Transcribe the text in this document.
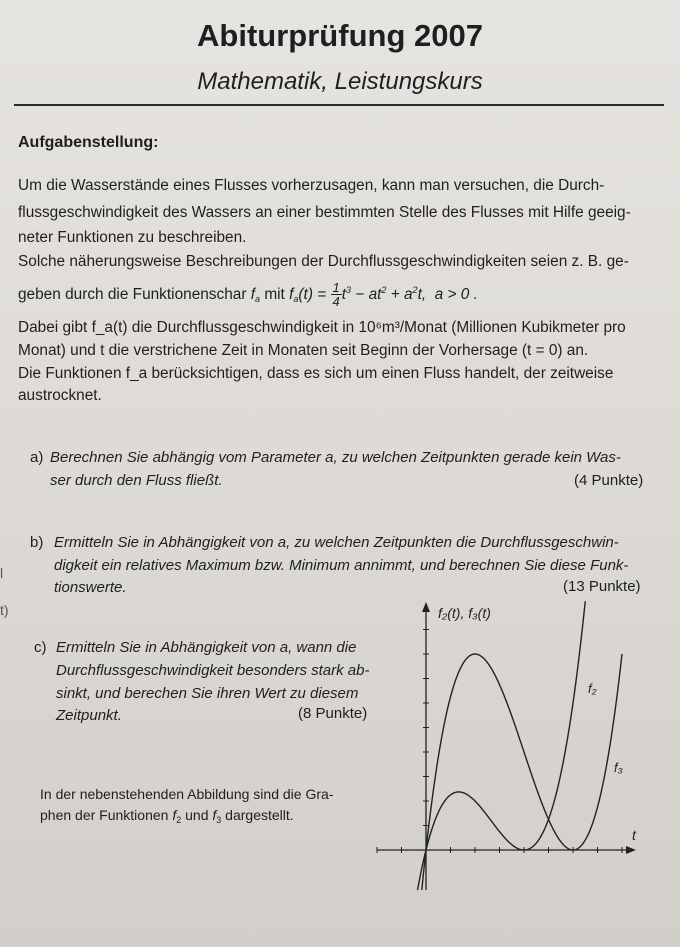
Abiturprüfung 2007
Mathematik, Leistungskurs
Aufgabenstellung:

Um die Wasserstände eines Flusses vorherzusagen, kann man versuchen, die Durch-

flussgeschwindigkeit des Wassers an einer bestimmten Stelle des Flusses mit Hilfe geeig-

neter Funktionen zu beschreiben.

Solche näherungsweise Beschreibungen der Durchflussgeschwindigkeiten seien z. B. ge-

geben durch die Funktionenschar $f_a$ mit $f_a(t) = \frac{1}{4}t^3 - at^2 + a^2t$,  a > 0 .

Dabei gibt f_a(t) die Durchflussgeschwindigkeit in 10⁶m³/Monat (Millionen Kubikmeter pro

Monat) und t die verstrichene Zeit in Monaten seit Beginn der Vorhersage (t = 0) an.

Die Funktionen f_a berücksichtigen, dass es sich um einen Fluss handelt, der zeitweise

austrocknet.

a) Berechnen Sie abhängig vom Parameter a, zu welchen Zeitpunkten gerade kein Was-
ser durch den Fluss fließt.	(4 Punkte)
b) Ermitteln Sie in Abhängigkeit von a, zu welchen Zeitpunkten die Durchflussgeschwin-
digkeit ein relatives Maximum bzw. Minimum annimmt, und berechnen Sie diese Funk-
tionswerte.	(13 Punkte)
c) Ermitteln Sie in Abhängigkeit von a, wann die
Durchflussgeschwindigkeit besonders stark ab-
sinkt, und berechen Sie ihren Wert zu diesem
Zeitpunkt.	(8 Punkte)
In der nebenstehenden Abbildung sind die Gra-
phen der Funktionen $f_2$ und $f_3$ dargestellt.
l
t)	f₂(t), f₃(t)
t
f₂
f₃
